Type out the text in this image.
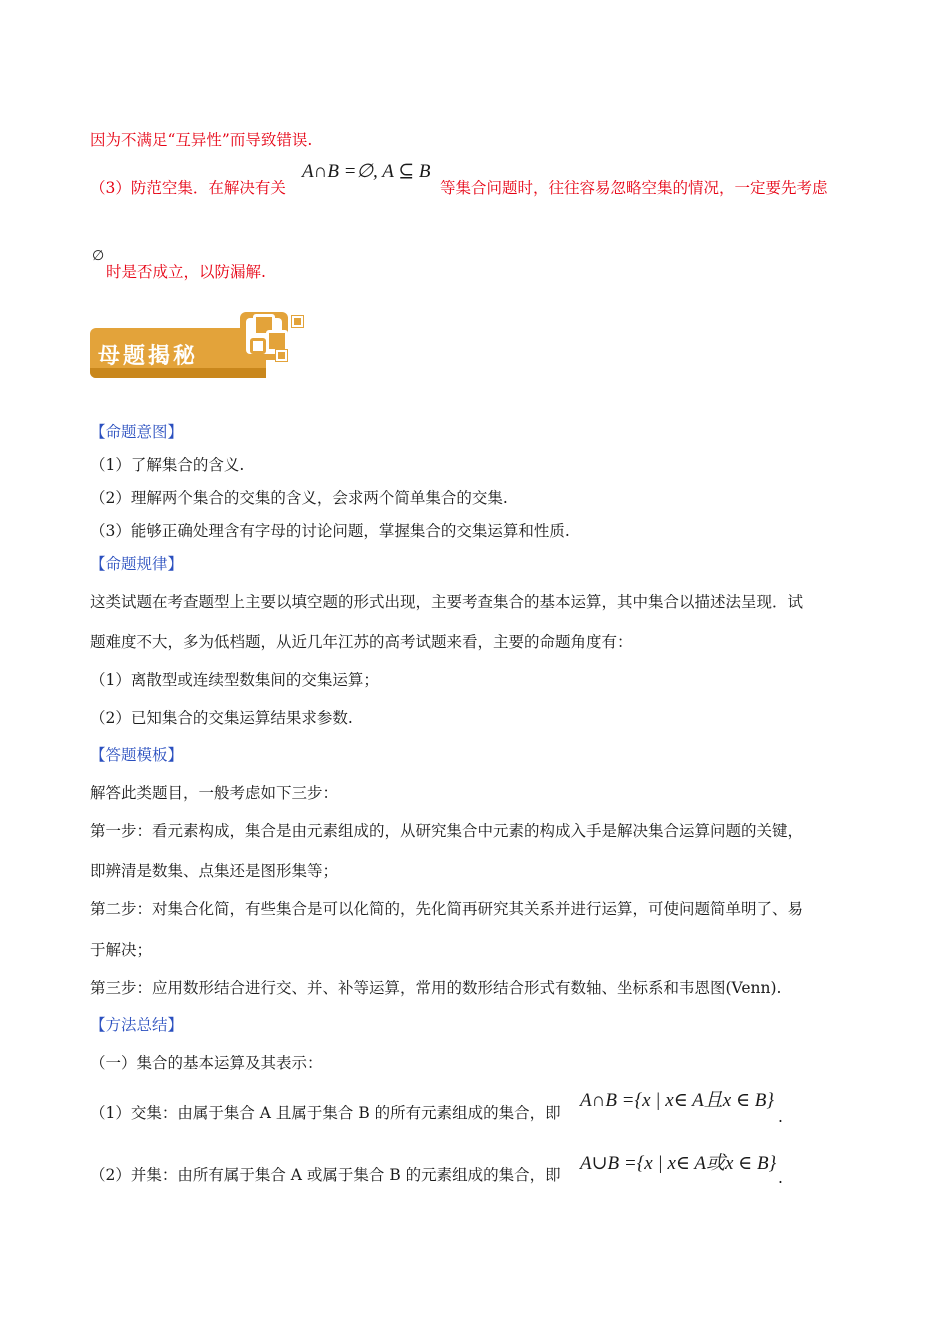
因为不满足“互异性”而导致错误.
（3）防范空集．在解决有关
A∩B =∅, A ⊆ B
等集合问题时，往往容易忽略空集的情况，一定要先考虑
∅
时是否成立，以防漏解.
母题揭秘
【命题意图】
（1）了解集合的含义.
（2）理解两个集合的交集的含义，会求两个简单集合的交集.
（3）能够正确处理含有字母的讨论问题，掌握集合的交集运算和性质.
【命题规律】
这类试题在考查题型上主要以填空题的形式出现，主要考查集合的基本运算，其中集合以描述法呈现．试
题难度不大，多为低档题，从近几年江苏的高考试题来看，主要的命题角度有：
（1）离散型或连续型数集间的交集运算；
（2）已知集合的交集运算结果求参数.
【答题模板】
解答此类题目，一般考虑如下三步：
第一步：看元素构成，集合是由元素组成的，从研究集合中元素的构成入手是解决集合运算问题的关键，
即辨清是数集、点集还是图形集等；
第二步：对集合化简，有些集合是可以化简的，先化简再研究其关系并进行运算，可使问题简单明了、易
于解决；
第三步：应用数形结合进行交、并、补等运算，常用的数形结合形式有数轴、坐标系和韦恩图(Venn).
【方法总结】
（一）集合的基本运算及其表示：
（1）交集：由属于集合 A 且属于集合 B 的所有元素组成的集合，即
A∩B ={x | x∈ A且x ∈ B}
.
（2）并集：由所有属于集合 A 或属于集合 B 的元素组成的集合，即
A∪B ={x | x∈ A或x ∈ B}
.
